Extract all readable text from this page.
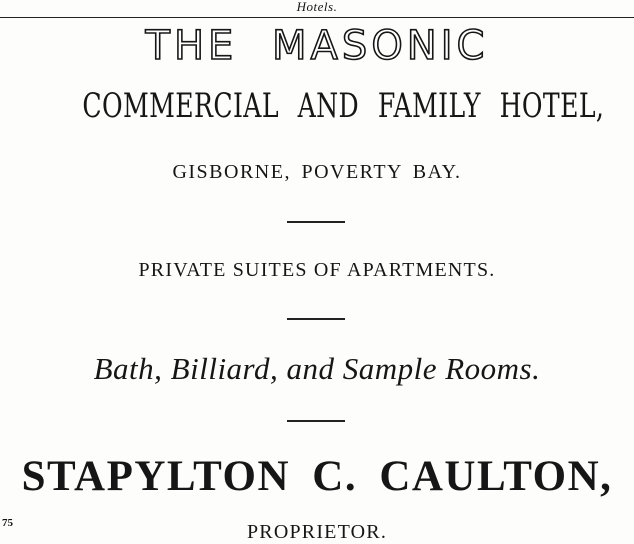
Hotels.
THE MASONIC
COMMERCIAL AND FAMILY HOTEL,
GISBORNE, POVERTY BAY.
PRIVATE SUITES OF APARTMENTS.
Bath, Billiard, and Sample Rooms.
STAPYLTON C. CAULTON,
75	PROPRIETOR.
